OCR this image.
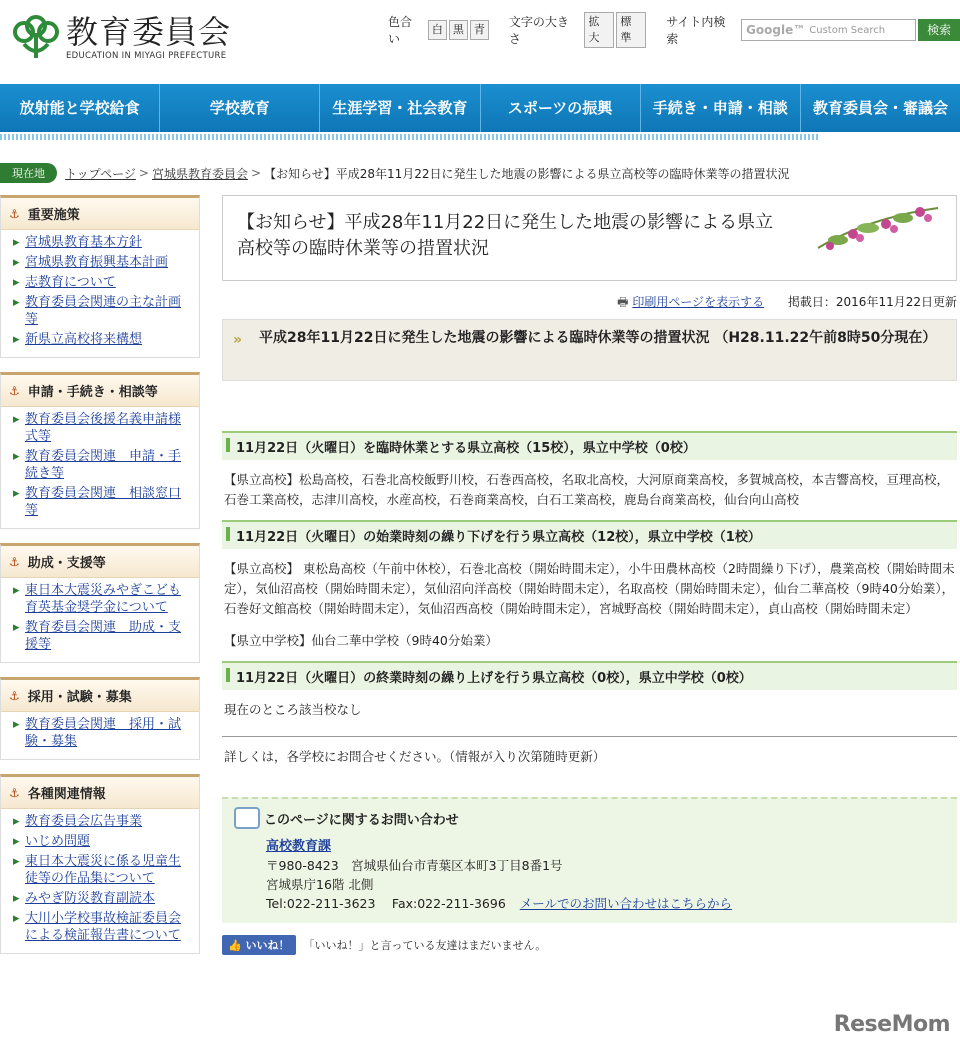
教育委員会
EDUCATION IN MIYAGI PREFECTURE
色合い
白 黒 青
文字の大きさ
拡大
標準
サイト内検索
Google™ Custom Search	検索
放射能と学校給食	学校教育	生涯学習・社会教育	スポーツの振興	手続き・申請・相談	教育委員会・審議会
現在地	トップページ > 宮城県教育委員会 > 【お知らせ】平成28年11月22日に発生した地震の影響による県立高校等の臨時休業等の措置状況
⚓ 重要施策
▸ 宮城県教育基本方針
▸ 宮城県教育振興基本計画
▸ 志教育について
▸ 教育委員会関連の主な計画等
▸ 新県立高校将来構想
⚓ 申請・手続き・相談等
▸ 教育委員会後援名義申請様式等
▸ 教育委員会関連　申請・手続き等
▸ 教育委員会関連　相談窓口等
⚓ 助成・支援等
▸ 東日本大震災みやぎこども育英基金奨学金について
▸ 教育委員会関連　助成・支援等
⚓ 採用・試験・募集
▸ 教育委員会関連　採用・試験・募集
⚓ 各種関連情報
▸ 教育委員会広告事業
▸ いじめ問題
▸ 東日本大震災に係る児童生徒等の作品集について
▸ みやぎ防災教育副読本
▸ 大川小学校事故検証委員会による検証報告書について
【お知らせ】平成28年11月22日に発生した地震の影響による県立高校等の臨時休業等の措置状況
🖶 印刷用ページを表示する 掲載日：2016年11月22日更新
» 平成28年11月22日に発生した地震の影響による臨時休業等の措置状況 （H28.11.22午前8時50分現在）
11月22日（火曜日）を臨時休業とする県立高校（15校），県立中学校（0校）
【県立高校】松島高校，石巻北高校飯野川校，石巻西高校，名取北高校，大河原商業高校，多賀城高校，本吉響高校，亘理高校，石巻工業高校，志津川高校，水産高校，石巻商業高校，白石工業高校，鹿島台商業高校，仙台向山高校
11月22日（火曜日）の始業時刻の繰り下げを行う県立高校（12校），県立中学校（1校）
【県立高校】 東松島高校（午前中休校），石巻北高校（開始時間未定），小牛田農林高校（2時間繰り下げ），農業高校（開始時間未定），気仙沼高校（開始時間未定），気仙沼向洋高校（開始時間未定），名取高校（開始時間未定），仙台二華高校（9時40分始業），石巻好文館高校（開始時間未定），気仙沼西高校（開始時間未定），宮城野高校（開始時間未定），貞山高校（開始時間未定）
【県立中学校】仙台二華中学校（9時40分始業）
11月22日（火曜日）の終業時刻の繰り上げを行う県立高校（0校），県立中学校（0校）
現在のところ該当校なし
詳しくは，各学校にお問合せください。（情報が入り次第随時更新）
このページに関するお問い合わせ
高校教育課
〒980-8423　宮城県仙台市青葉区本町3丁目8番1号
宮城県庁16階 北側
Tel:022-211-3623　 Fax:022-211-3696 メールでのお問い合わせはこちらから
👍 いいね！	「いいね！」と言っている友達はまだいません。
ReseMom
